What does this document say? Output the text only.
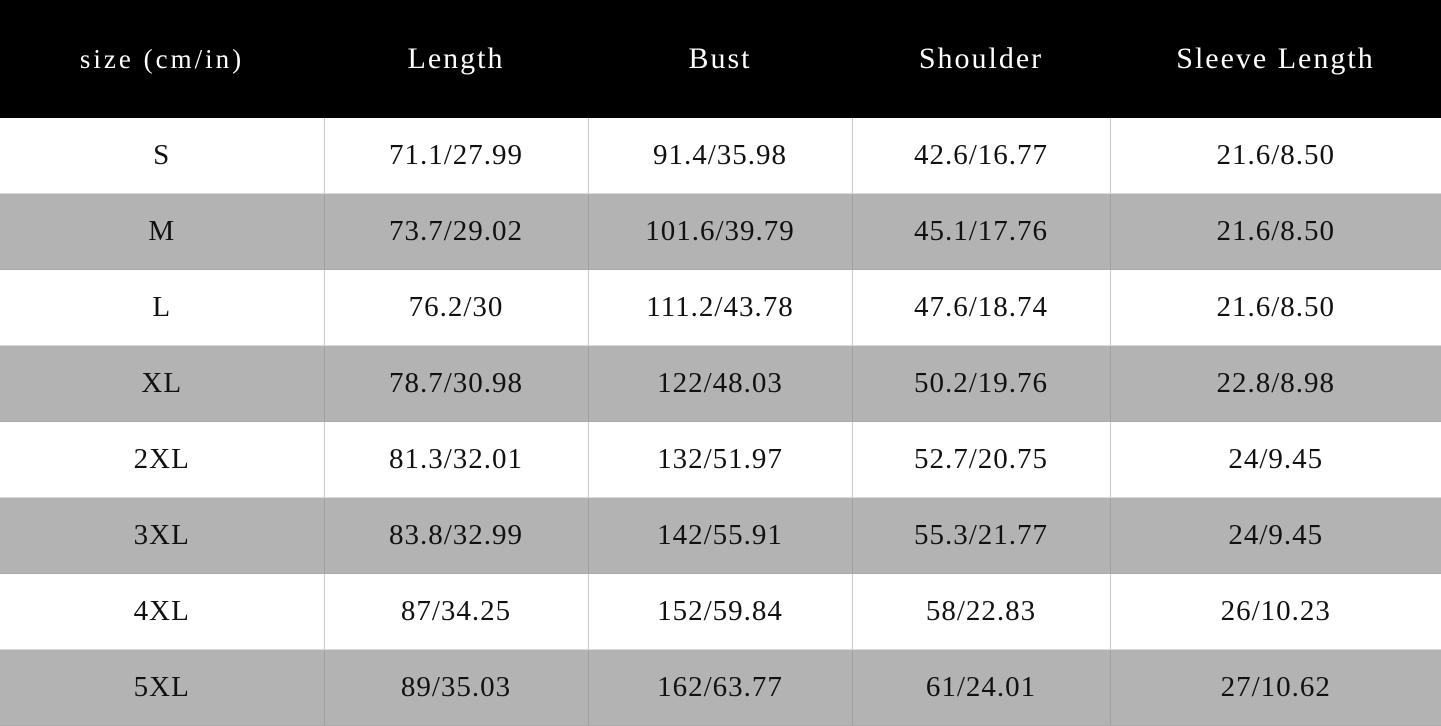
size (cm/in)	Length	Bust	Shoulder	Sleeve Length
S	71.1/27.99	91.4/35.98	42.6/16.77	21.6/8.50
M	73.7/29.02	101.6/39.79	45.1/17.76	21.6/8.50
L	76.2/30	111.2/43.78	47.6/18.74	21.6/8.50
XL	78.7/30.98	122/48.03	50.2/19.76	22.8/8.98
2XL	81.3/32.01	132/51.97	52.7/20.75	24/9.45
3XL	83.8/32.99	142/55.91	55.3/21.77	24/9.45
4XL	87/34.25	152/59.84	58/22.83	26/10.23
5XL	89/35.03	162/63.77	61/24.01	27/10.62
